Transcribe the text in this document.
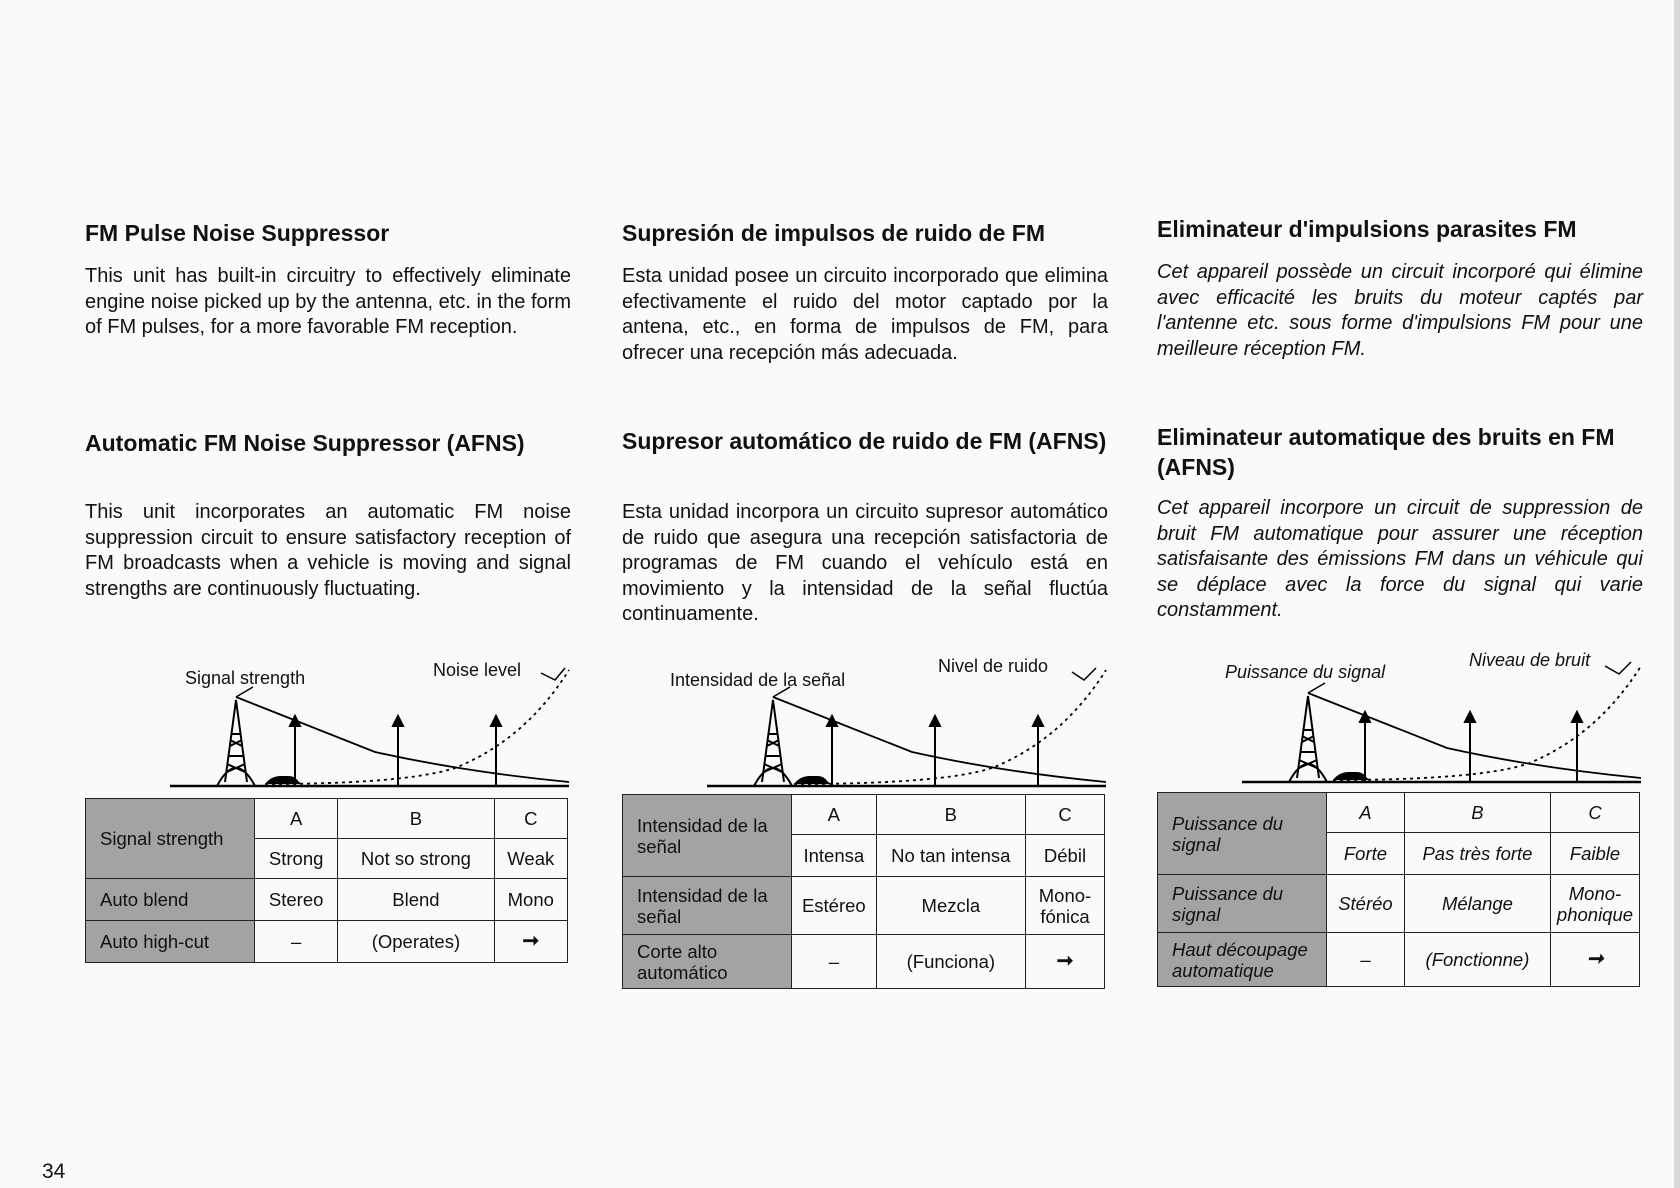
FM Pulse Noise Suppressor

This unit has built-in circuitry to effectively eliminate engine noise picked up by the antenna, etc. in the form of FM pulses, for a more favorable FM reception.

Automatic FM Noise Suppressor (AFNS)

This unit incorporates an automatic FM noise suppression circuit to ensure satisfactory reception of FM broadcasts when a vehicle is moving and signal strengths are continuously fluctuating.

Signal strength	Noise level
Signal strength	A	B	C
	Strong	Not so strong	Weak
Auto blend	Stereo	Blend	Mono
Auto high-cut	–	(Operates)	➞
Supresión de impulsos de ruido de FM

Esta unidad posee un circuito incorporado que elimina efectivamente el ruido del motor captado por la antena, etc., en forma de impulsos de FM, para ofrecer una recepción más adecuada.

Supresor automático de ruido de FM (AFNS)

Esta unidad incorpora un circuito supresor automático de ruido que asegura una recepción satisfactoria de programas de FM cuando el vehículo está en movimiento y la intensidad de la señal fluctúa continuamente.

Intensidad de la señal
Nivel de ruido
Intensidad de la señal	A	B	C
	Intensa	No tan intensa	Débil
Intensidad de la señal	Estéreo	Mezcla	Mono-fónica
Corte alto automático	–	(Funciona)	➞
Eliminateur d'impulsions parasites FM

Cet appareil possède un circuit incorporé qui élimine avec efficacité les bruits du moteur captés par l'antenne etc. sous forme d'impulsions FM pour une meilleure réception FM.

Eliminateur automatique des bruits en FM (AFNS)

Cet appareil incorpore un circuit de suppression de bruit FM automatique pour assurer une réception satisfaisante des émissions FM dans un véhicule qui se déplace avec la force du signal qui varie constamment.

Puissance du signal
Niveau de bruit
Puissance du signal	A	B	C
	Forte	Pas très forte	Faible
Puissance du signal	Stéréo	Mélange	Mono-phonique
Haut découpage automatique	–	(Fonctionne)	➞
34
